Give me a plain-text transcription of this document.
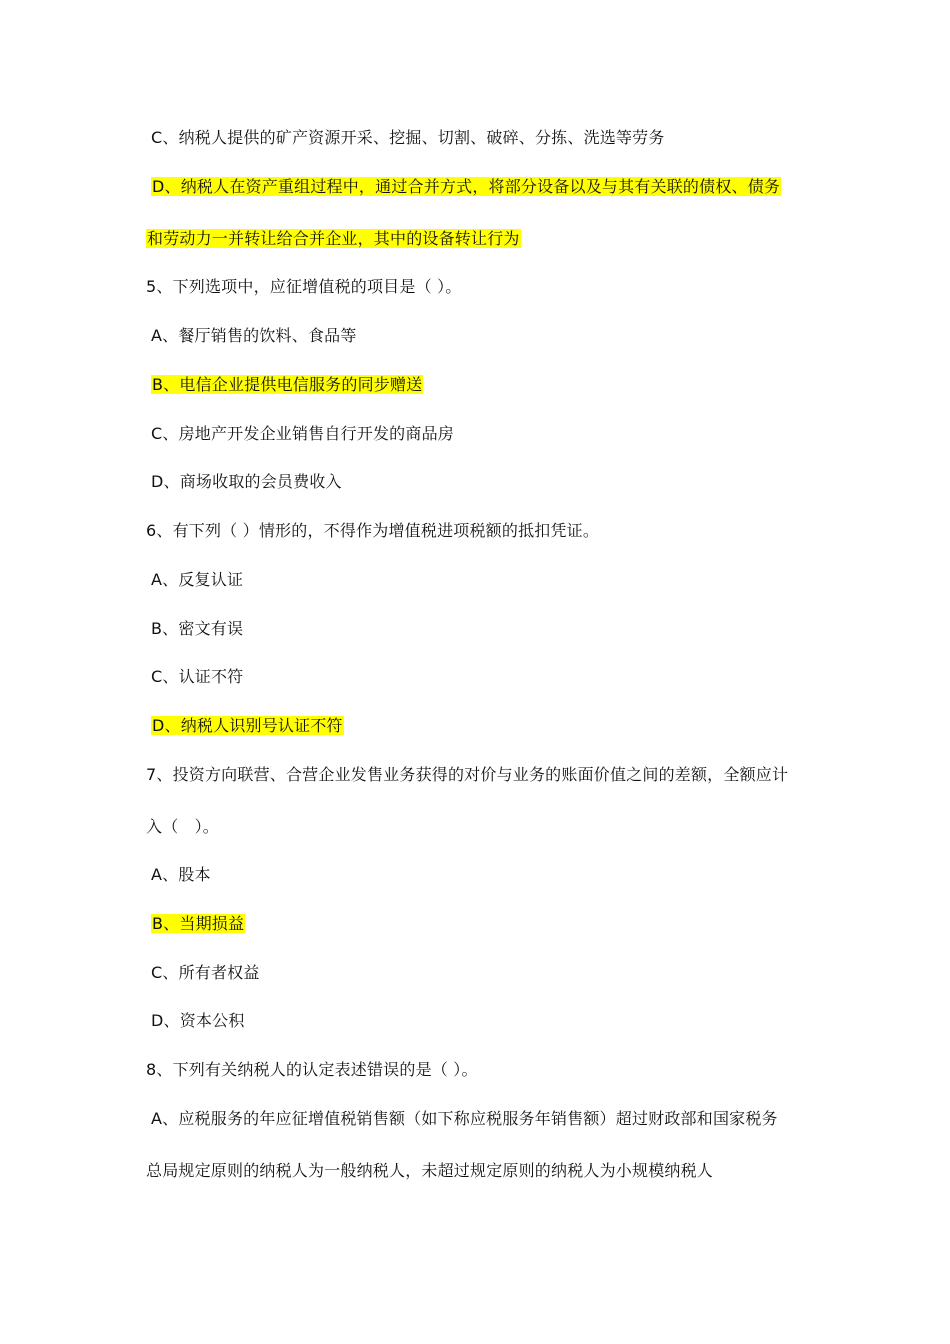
C、纳税人提供的矿产资源开采、挖掘、切割、破碎、分拣、洗选等劳务
D、纳税人在资产重组过程中，通过合并方式，将部分设备以及与其有关联的债权、债务
和劳动力一并转让给合并企业，其中的设备转让行为
5、下列选项中，应征增值税的项目是（ ）。
A、餐厅销售的饮料、食品等
B、电信企业提供电信服务的同步赠送
C、房地产开发企业销售自行开发的商品房
D、商场收取的会员费收入
6、有下列（ ）情形的，不得作为增值税进项税额的抵扣凭证。
A、反复认证
B、密文有误
C、认证不符
D、纳税人识别号认证不符
7、投资方向联营、合营企业发售业务获得的对价与业务的账面价值之间的差额，全额应计
入（　）。
A、股本
B、当期损益
C、所有者权益
D、资本公积
8、下列有关纳税人的认定表述错误的是（ ）。
A、应税服务的年应征增值税销售额（如下称应税服务年销售额）超过财政部和国家税务
总局规定原则的纳税人为一般纳税人，未超过规定原则的纳税人为小规模纳税人
